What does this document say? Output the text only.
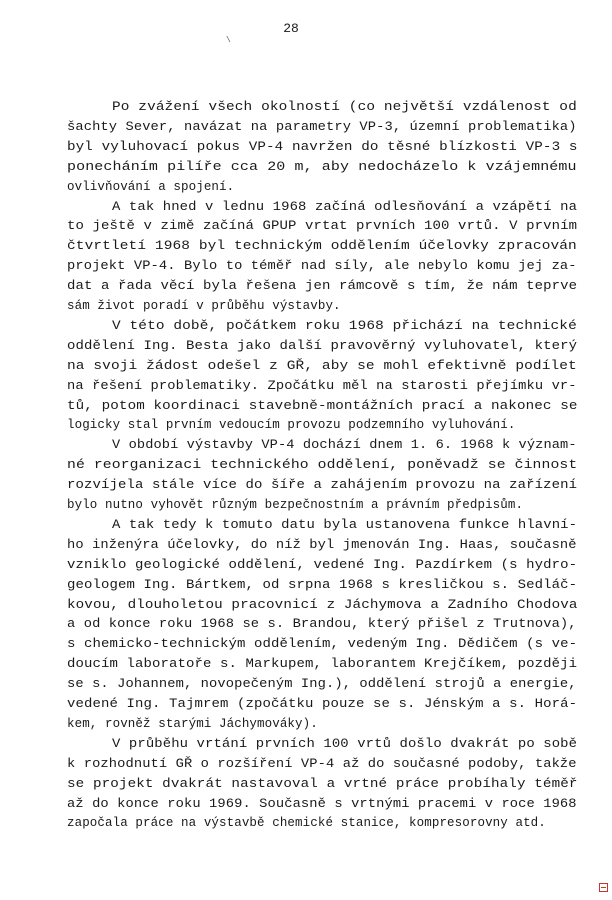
28
\
Po zvážení všech okolností (co největší vzdálenost od
šachty Sever, navázat na parametry VP-3, územní problematika)
byl vyluhovací pokus VP-4 navržen do těsné blízkosti VP-3 s
ponecháním pilíře cca 20 m, aby nedocházelo k vzájemnému
ovlivňování a spojení.
A tak hned v lednu 1968 začíná odlesňování a vzápětí na
to ještě v zimě začíná GPUP vrtat prvních 100 vrtů. V prvním
čtvrtletí 1968 byl technickým oddělením účelovky zpracován
projekt VP-4. Bylo to téměř nad síly, ale nebylo komu jej za-
dat a řada věcí byla řešena jen rámcově s tím, že nám teprve
sám život poradí v průběhu výstavby.
V této době, počátkem roku 1968 přichází na technické
oddělení Ing. Besta jako další pravověrný vyluhovatel, který
na svoji žádost odešel z GŘ, aby se mohl efektivně podílet
na řešení problematiky. Zpočátku měl na starosti přejímku vr-
tů, potom koordinaci stavebně-montážních prací a nakonec se
logicky stal prvním vedoucím provozu podzemního vyluhování.
V období výstavby VP-4 dochází dnem 1. 6. 1968 k význam-
né reorganizaci technického oddělení, poněvadž se činnost
rozvíjela stále více do šíře a zahájením provozu na zařízení
bylo nutno vyhovět různým bezpečnostním a právním předpisům.
A tak tedy k tomuto datu byla ustanovena funkce hlavní-
ho inženýra účelovky, do níž byl jmenován Ing. Haas, současně
vzniklo geologické oddělení, vedené Ing. Pazdírkem (s hydro-
geologem Ing. Bártkem, od srpna 1968 s kresličkou s. Sedláč-
kovou, dlouholetou pracovnicí z Jáchymova a Zadního Chodova
a od konce roku 1968 se s. Brandou, který přišel z Trutnova),
s chemicko-technickým oddělením, vedeným Ing. Dědičem (s ve-
doucím laboratoře s. Markupem, laborantem Krejčíkem, později
se s. Johannem, novopečeným Ing.), oddělení strojů a energie,
vedené Ing. Tajmrem (zpočátku pouze se s. Jénským a s. Horá-
kem, rovněž starými Jáchymováky).
V průběhu vrtání prvních 100 vrtů došlo dvakrát po sobě
k rozhodnutí GŘ o rozšíření VP-4 až do současné podoby, takže
se projekt dvakrát nastavoval a vrtné práce probíhaly téměř
až do konce roku 1969. Současně s vrtnými pracemi v roce 1968
započala práce na výstavbě chemické stanice, kompresorovny atd.
